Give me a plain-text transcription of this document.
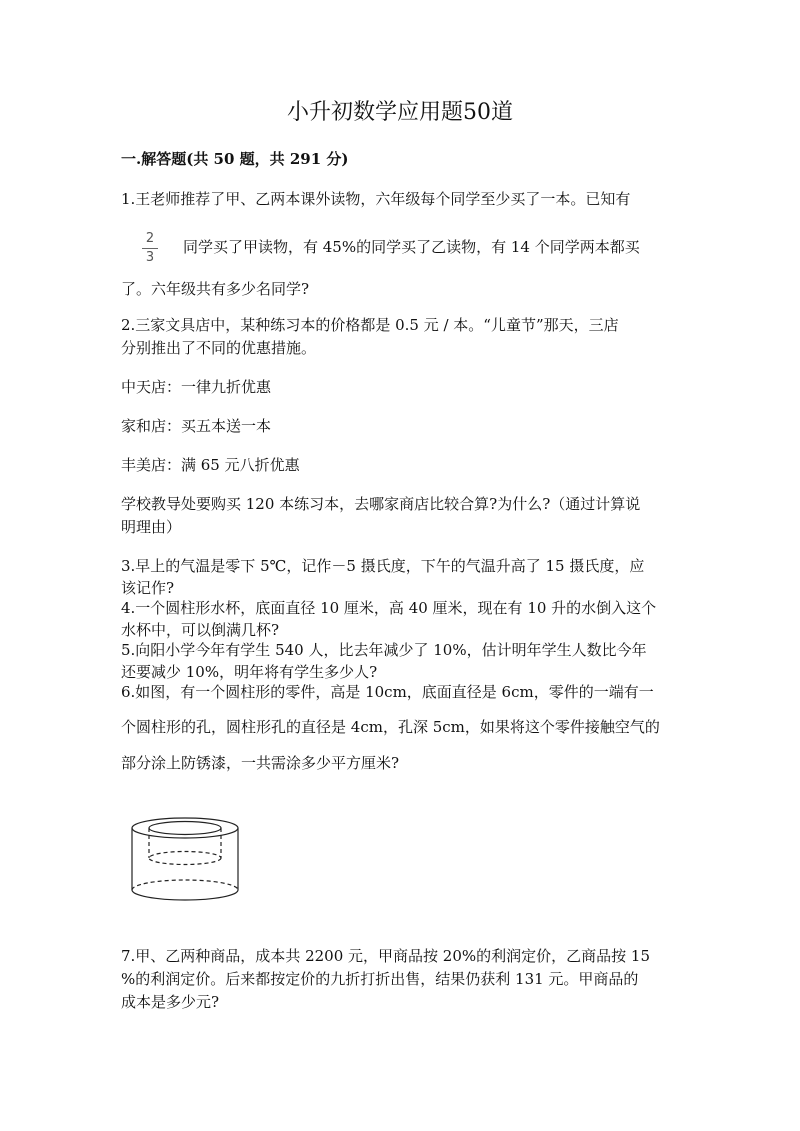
小升初数学应用题50道
一.解答题(共 50 题，共 291 分)
1.王老师推荐了甲、乙两本课外读物，六年级每个同学至少买了一本。已知有
2
3
同学买了甲读物，有 45%的同学买了乙读物，有 14 个同学两本都买
了。六年级共有多少名同学?
2.三家文具店中，某种练习本的价格都是 0.5 元 / 本。“儿童节”那天，三店
分别推出了不同的优惠措施。
中天店：一律九折优惠
家和店：买五本送一本
丰美店：满 65 元八折优惠
学校教导处要购买 120 本练习本，去哪家商店比较合算?为什么?（通过计算说
明理由）
3.早上的气温是零下 5℃，记作－5 摄氏度，下午的气温升高了 15 摄氏度，应
该记作?
4.一个圆柱形水杯，底面直径 10 厘米，高 40 厘米，现在有 10 升的水倒入这个
水杯中，可以倒满几杯?
5.向阳小学今年有学生 540 人，比去年减少了 10%，估计明年学生人数比今年
还要减少 10%，明年将有学生多少人?
6.如图，有一个圆柱形的零件，高是 10cm，底面直径是 6cm，零件的一端有一
个圆柱形的孔，圆柱形孔的直径是 4cm，孔深 5cm，如果将这个零件接触空气的
部分涂上防锈漆，一共需涂多少平方厘米?
7.甲、乙两种商品，成本共 2200 元，甲商品按 20%的利润定价，乙商品按 15
%的利润定价。后来都按定价的九折打折出售，结果仍获利 131 元。甲商品的
成本是多少元?
